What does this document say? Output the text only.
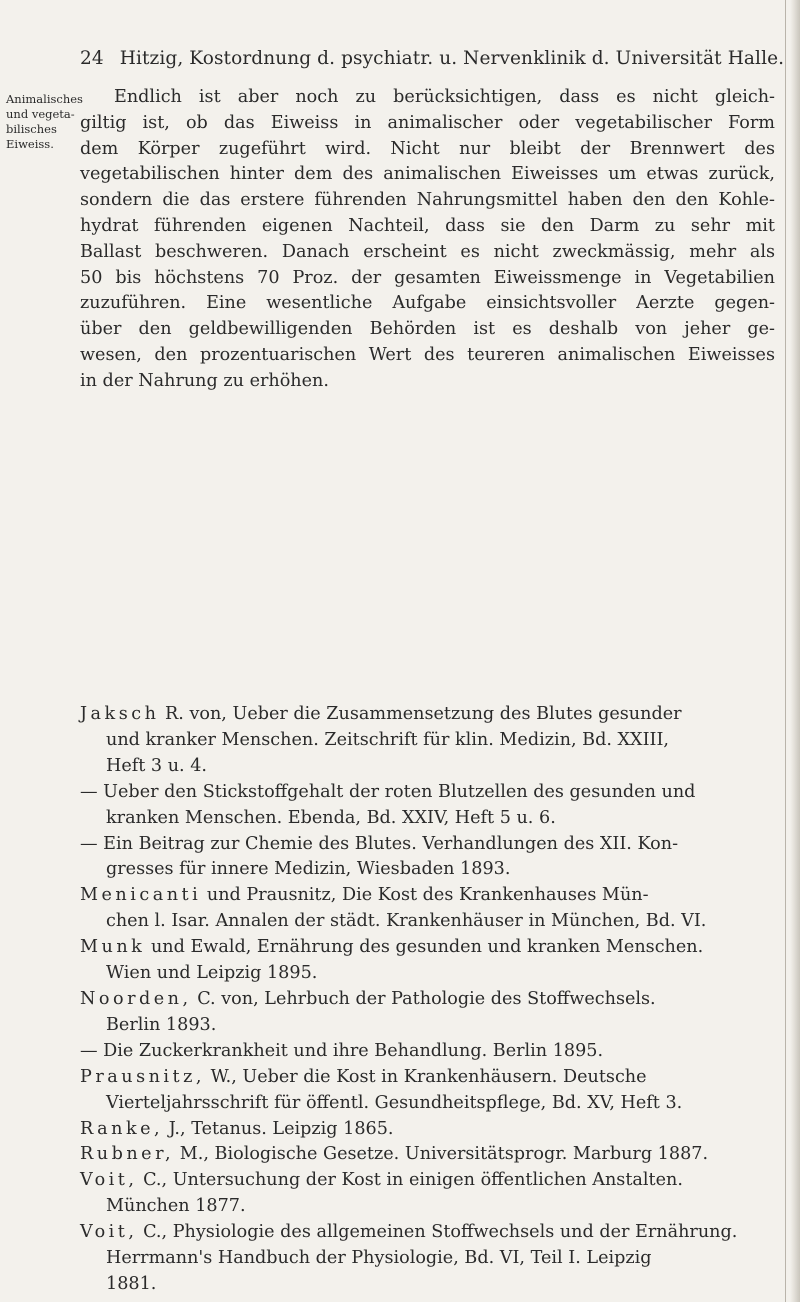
24 Hitzig, Kostordnung d. psychiatr. u. Nervenklinik d. Universität Halle.
Animalisches
und vegeta-
bilisches
Eiweiss.
Endlich ist aber noch zu berücksichtigen, dass es nicht gleich-
giltig ist, ob das Eiweiss in animalischer oder vegetabilischer Form
dem Körper zugeführt wird. Nicht nur bleibt der Brennwert des
vegetabilischen hinter dem des animalischen Eiweisses um etwas zurück,
sondern die das erstere führenden Nahrungsmittel haben den den Kohle-
hydrat führenden eigenen Nachteil, dass sie den Darm zu sehr mit
Ballast beschweren. Danach erscheint es nicht zweckmässig, mehr als
50 bis höchstens 70 Proz. der gesamten Eiweissmenge in Vegetabilien
zuzuführen. Eine wesentliche Aufgabe einsichtsvoller Aerzte gegen-
über den geldbewilligenden Behörden ist es deshalb von jeher ge-
wesen, den prozentuarischen Wert des teureren animalischen Eiweisses
in der Nahrung zu erhöhen.
Jaksch R. von, Ueber die Zusammensetzung des Blutes gesunder
und kranker Menschen. Zeitschrift für klin. Medizin, Bd. XXIII,
Heft 3 u. 4.
— Ueber den Stickstoffgehalt der roten Blutzellen des gesunden und
kranken Menschen. Ebenda, Bd. XXIV, Heft 5 u. 6.
— Ein Beitrag zur Chemie des Blutes. Verhandlungen des XII. Kon-
gresses für innere Medizin, Wiesbaden 1893.
Menicanti und Prausnitz, Die Kost des Krankenhauses Mün-
chen l. Isar. Annalen der städt. Krankenhäuser in München, Bd. VI.
Munk und Ewald, Ernährung des gesunden und kranken Menschen.
Wien und Leipzig 1895.
Noorden, C. von, Lehrbuch der Pathologie des Stoffwechsels.
Berlin 1893.
— Die Zuckerkrankheit und ihre Behandlung. Berlin 1895.
Prausnitz, W., Ueber die Kost in Krankenhäusern. Deutsche
Vierteljahrsschrift für öffentl. Gesundheitspflege, Bd. XV, Heft 3.
Ranke, J., Tetanus. Leipzig 1865.
Rubner, M., Biologische Gesetze. Universitätsprogr. Marburg 1887.
Voit, C., Untersuchung der Kost in einigen öffentlichen Anstalten.
München 1877.
Voit, C., Physiologie des allgemeinen Stoffwechsels und der Ernährung.
Herrmann's Handbuch der Physiologie, Bd. VI, Teil I. Leipzig
1881.
